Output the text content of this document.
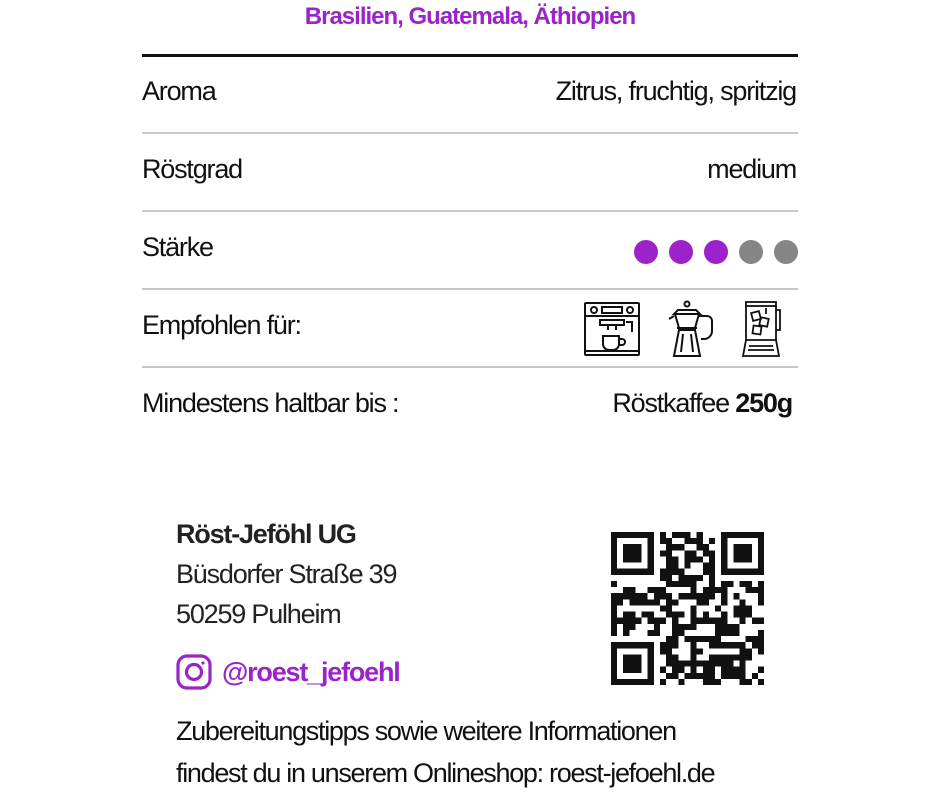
Brasilien, Guatemala, Äthiopien
Aroma	Zitrus, fruchtig, spritzig
Röstgrad	medium
Stärke
Empfohlen für:
Mindestens haltbar bis :	Röstkaffee 250g
Röst-Jeföhl UG
Büsdorfer Straße 39
50259 Pulheim
@roest_jefoehl
Zubereitungstipps sowie weitere Informationen
findest du in unserem Onlineshop: roest-jefoehl.de
